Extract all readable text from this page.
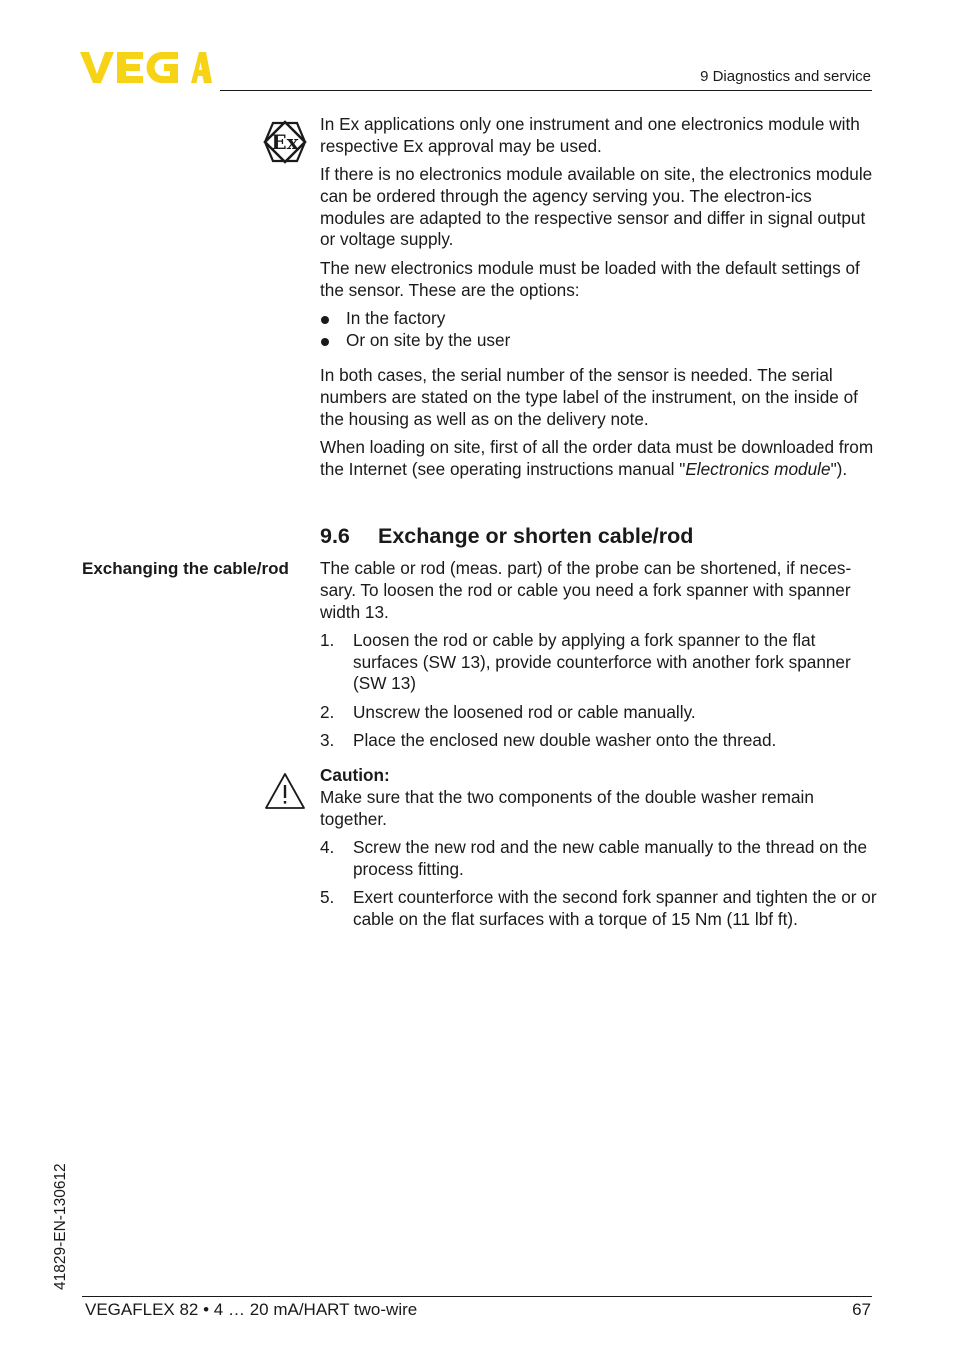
9 Diagnostics and service
Ex

In Ex applications only one instrument and one electronics module with respective Ex approval may be used.

If there is no electronics module available on site, the electronics module can be ordered through the agency serving you. The electron-ics modules are adapted to the respective sensor and differ in signal output or voltage supply.

The new electronics module must be loaded with the default settings of the sensor. These are the options:

In the factory
Or on site by the user

In both cases, the serial number of the sensor is needed. The serial numbers are stated on the type label of the instrument, on the inside of the housing as well as on the delivery note.

When loading on site, first of all the order data must be downloaded from the Internet (see operating instructions manual "Electronics module").

9.6 Exchange or shorten cable/rod
Exchanging the cable/rod The cable or rod (meas. part) of the probe can be shortened, if neces-sary. To loosen the rod or cable you need a fork spanner with spanner width 13.

1.	Loosen the rod or cable by applying a fork spanner to the flat surfaces (SW 13), provide counterforce with another fork spanner (SW 13)
2.	Unscrew the loosened rod or cable manually.
3.	Place the enclosed new double washer onto the thread.
Caution:

Make sure that the two components of the double washer remain together.

4.	Screw the new rod and the new cable manually to the thread on the process fitting.
5.	Exert counterforce with the second fork spanner and tighten the or or cable on the flat surfaces with a torque of 15 Nm (11 lbf ft).
41829-EN-130612
VEGAFLEX 82 • 4 … 20 mA/HART two-wire	67
